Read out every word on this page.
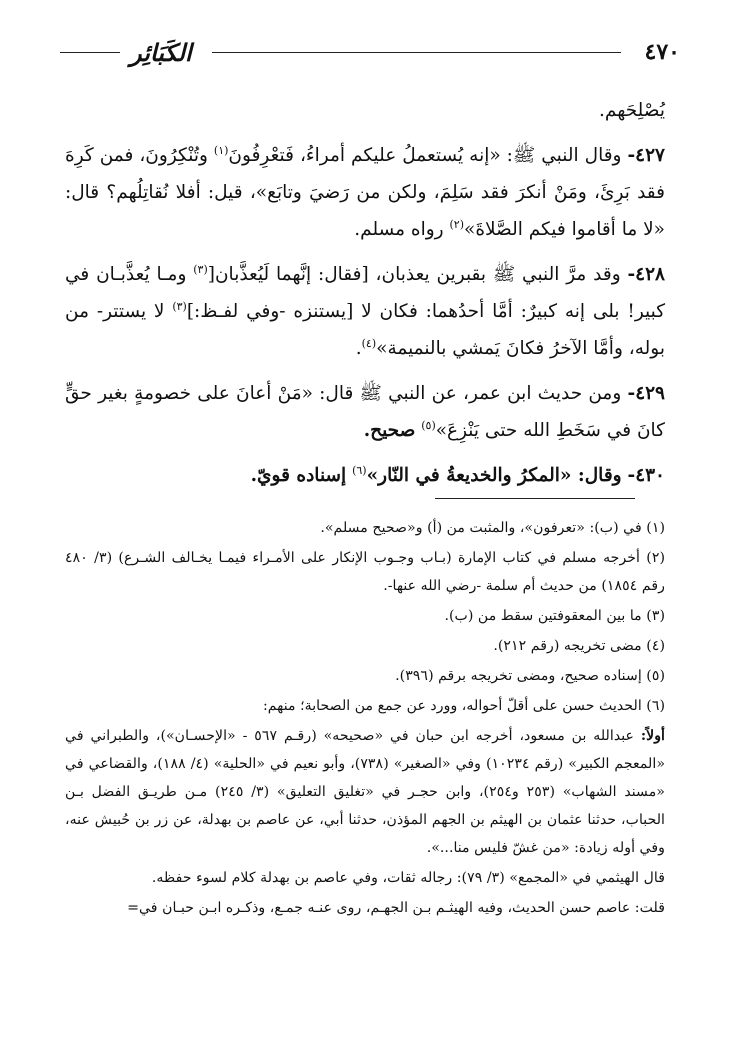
٤٧٠
الكَبَائِر

يُصْلِحَهم.

٤٢٧- وقال النبي ﷺ: «إنه يُستعملُ عليكم أمراءُ، فَتعْرِفُونَ$^{(١)}$ وتُنْكِرُونَ، فمن كَرِهَ فقد بَرِئَ، ومَنْ أنكرَ فقد سَلِمَ، ولكن من رَضيَ وتابَع»، قيل: أفلا نُقاتِلُهم؟ قال: «لا ما أقاموا فيكم الصَّلاةَ»$^{(٢)}$ رواه مسلم.

٤٢٨- وقد مرَّ النبي ﷺ بقبرين يعذبان، [فقال: إنَّهما لَيُعذَّبان[$^{(٣)}$ ومـا يُعذَّبـان في كبير! بلى إنه كبيرٌ: أمَّا أحدُهما: فكان لا [يستنزه -وفي لفـظ:]$^{(٣)}$ لا يستتر- من بوله، وأمَّا الآخرُ فكانَ يَمشي بالنميمة»$^{(٤)}$.

٤٢٩- ومن حديث ابن عمر، عن النبي ﷺ قال: «مَنْ أعانَ على خصومةٍ بغير حقٍّ كانَ في سَخَطِ الله حتى يَنْزِعَ»$^{(٥)}$ صحيح.

٤٣٠- وقال: «المكرُ والخديعةُ في النّار»$^{(٦)}$ إسناده قويّ.

(١) في (ب): «تعرفون»، والمثبت من (أ) و«صحيح مسلم».

(٢) أخرجه مسلم في كتاب الإمارة (بـاب وجـوب الإنكار على الأمـراء فيمـا يخـالف الشـرع) (٣/ ٤٨٠ رقم ١٨٥٤) من حديث أم سلمة -رضي الله عنها-.

(٣) ما بين المعقوفتين سقط من (ب).

(٤) مضى تخريجه (رقم ٢١٢).

(٥) إسناده صحيح، ومضى تخريجه برقم (٣٩٦).

(٦) الحديث حسن على أقلّ أحواله، وورد عن جمع من الصحابة؛ منهم:

أولاً: عبدالله بن مسعود، أخرجه ابن حبان في «صحيحه» (رقـم ٥٦٧ - «الإحسـان»)، والطبراني في «المعجم الكبير» (رقم ١٠٢٣٤) وفي «الصغير» (٧٣٨)، وأبو نعيم في «الحلية» (٤/ ١٨٨)، والقضاعي في «مسند الشهاب» (٢٥٣ و٢٥٤)، وابن حجـر في «تغليق التعليق» (٣/ ٢٤٥) مـن طريـق الفضل بـن الحباب، حدثنا عثمان بن الهيثم بن الجهم المؤذن، حدثنا أبي، عن عاصم بن بهدلة، عن زر بن حُبيش عنه، وفي أوله زيادة: «من غشّ فليس منا...».

قال الهيثمي في «المجمع» (٣/ ٧٩): رجاله ثقات، وفي عاصم بن بهدلة كلام لسوء حفظه.

قلت: عاصم حسن الحديث، وفيه الهيثـم بـن الجهـم، روى عنـه جمـع، وذكـره ابـن حبـان في=
